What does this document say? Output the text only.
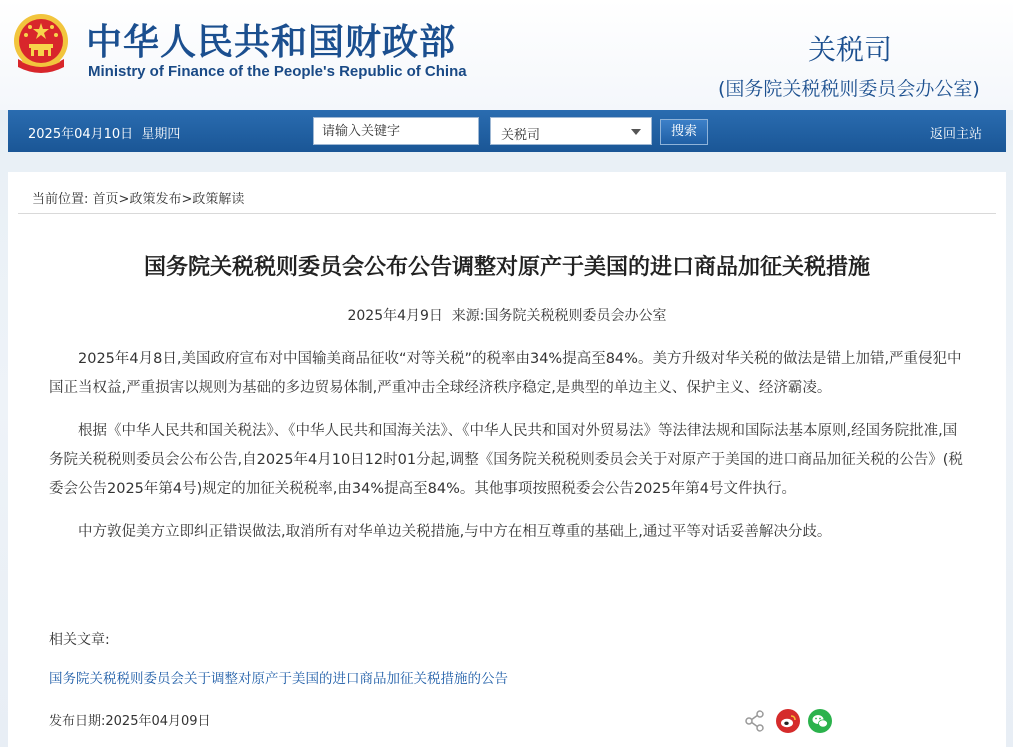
中华人民共和国财政部
Ministry of Finance of the People's Republic of China
关税司
(国务院关税税则委员会办公室)
2025年04月10日  星期四
请输入关键字	关税司	搜索	返回主站
当前位置: 首页>政策发布>政策解读
国务院关税税则委员会公布公告调整对原产于美国的进口商品加征关税措施
2025年4月9日  来源:国务院关税税则委员会办公室

2025年4月8日,美国政府宣布对中国输美商品征收“对等关税”的税率由34%提高至84%。美方升级对华关税的做法是错上加错,严重侵犯中国正当权益,严重损害以规则为基础的多边贸易体制,严重冲击全球经济秩序稳定,是典型的单边主义、保护主义、经济霸凌。

根据《中华人民共和国关税法》、《中华人民共和国海关法》、《中华人民共和国对外贸易法》等法律法规和国际法基本原则,经国务院批准,国务院关税税则委员会公布公告,自2025年4月10日12时01分起,调整《国务院关税税则委员会关于对原产于美国的进口商品加征关税的公告》(税委会公告2025年第4号)规定的加征关税税率,由34%提高至84%。其他事项按照税委会公告2025年第4号文件执行。

中方敦促美方立即纠正错误做法,取消所有对华单边关税措施,与中方在相互尊重的基础上,通过平等对话妥善解决分歧。

相关文章:
国务院关税税则委员会关于调整对原产于美国的进口商品加征关税措施的公告
发布日期:2025年04月09日
